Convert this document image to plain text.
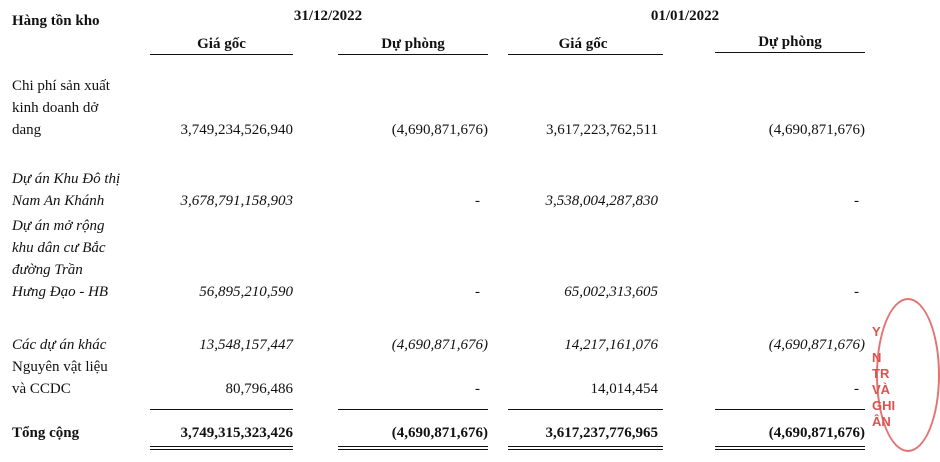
Hàng tồn kho	31/12/2022	01/01/2022
Giá gốc	Dự phòng	Giá gốc	Dự phòng
Chi phí sản xuất
kinh doanh dở
dang	3,749,234,526,940	(4,690,871,676)	3,617,223,762,511	(4,690,871,676)
Dự án Khu Đô thị
Nam An Khánh	3,678,791,158,903	-	3,538,004,287,830	-
Dự án mở rộng
khu dân cư Bắc
đường Trần
Hưng Đạo - HB	56,895,210,590	-	65,002,313,605	-
Các dự án khác	13,548,157,447	(4,690,871,676)	14,217,161,076	(4,690,871,676)
Nguyên vật liệu
và CCDC	80,796,486	-	14,014,454	-
Tổng cộng	3,749,315,323,426	(4,690,871,676)	3,617,237,776,965	(4,690,871,676)
Y
N
TR
VÀ
GHI
ÂN
